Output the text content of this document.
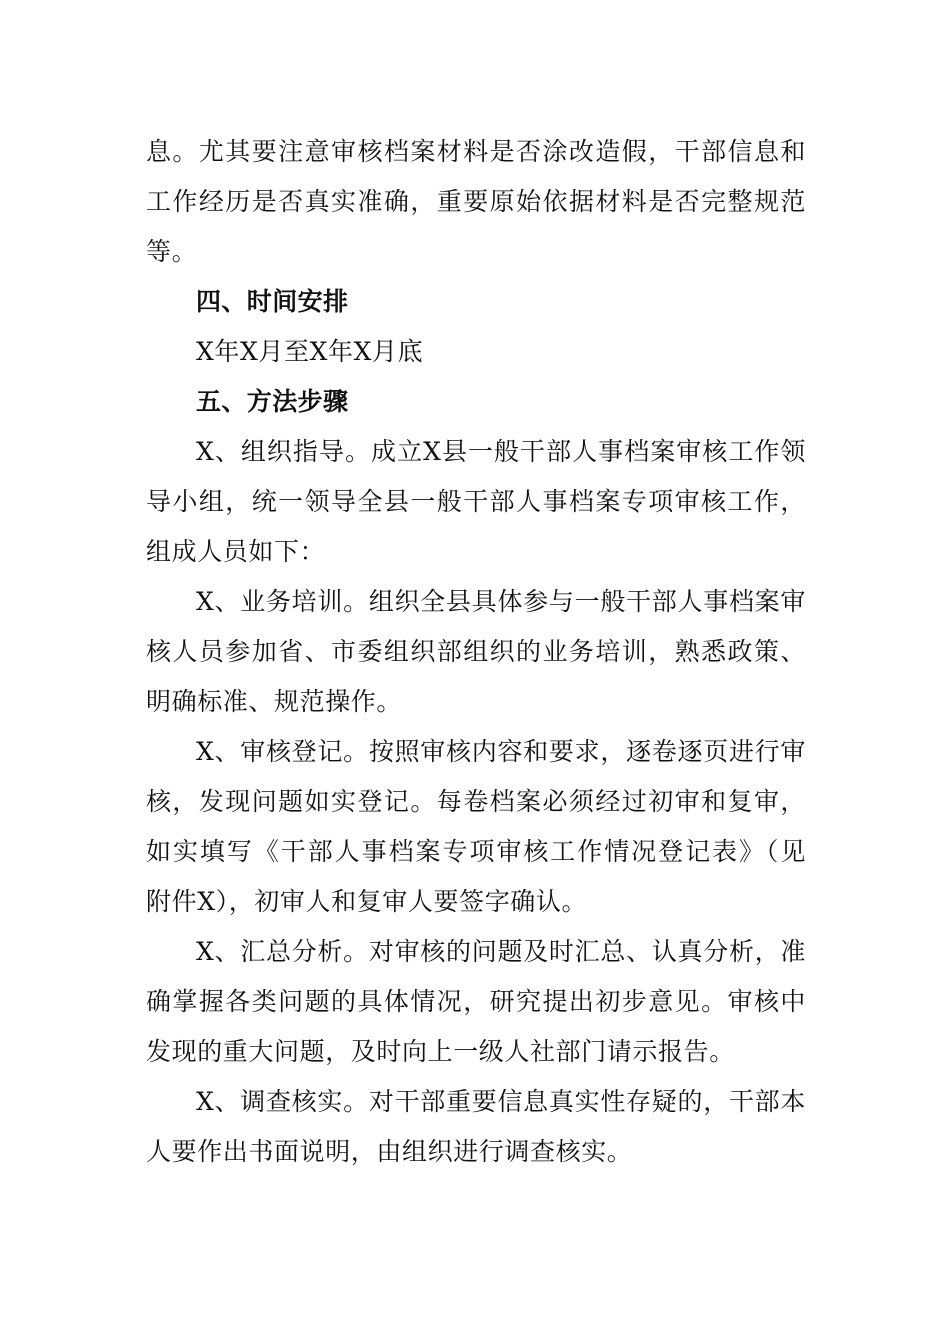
息。尤其要注意审核档案材料是否涂改造假，干部信息和
工作经历是否真实准确，重要原始依据材料是否完整规范
等。
四、时间安排
X年X月至X年X月底
五、方法步骤
X、组织指导。成立X县一般干部人事档案审核工作领
导小组，统一领导全县一般干部人事档案专项审核工作，
组成人员如下：
X、业务培训。组织全县具体参与一般干部人事档案审
核人员参加省、市委组织部组织的业务培训，熟悉政策、
明确标准、规范操作。
X、审核登记。按照审核内容和要求，逐卷逐页进行审
核，发现问题如实登记。每卷档案必须经过初审和复审，
如实填写《干部人事档案专项审核工作情况登记表》（见
附件X），初审人和复审人要签字确认。
X、汇总分析。对审核的问题及时汇总、认真分析，准
确掌握各类问题的具体情况，研究提出初步意见。审核中
发现的重大问题，及时向上一级人社部门请示报告。
X、调查核实。对干部重要信息真实性存疑的，干部本
人要作出书面说明，由组织进行调查核实。
